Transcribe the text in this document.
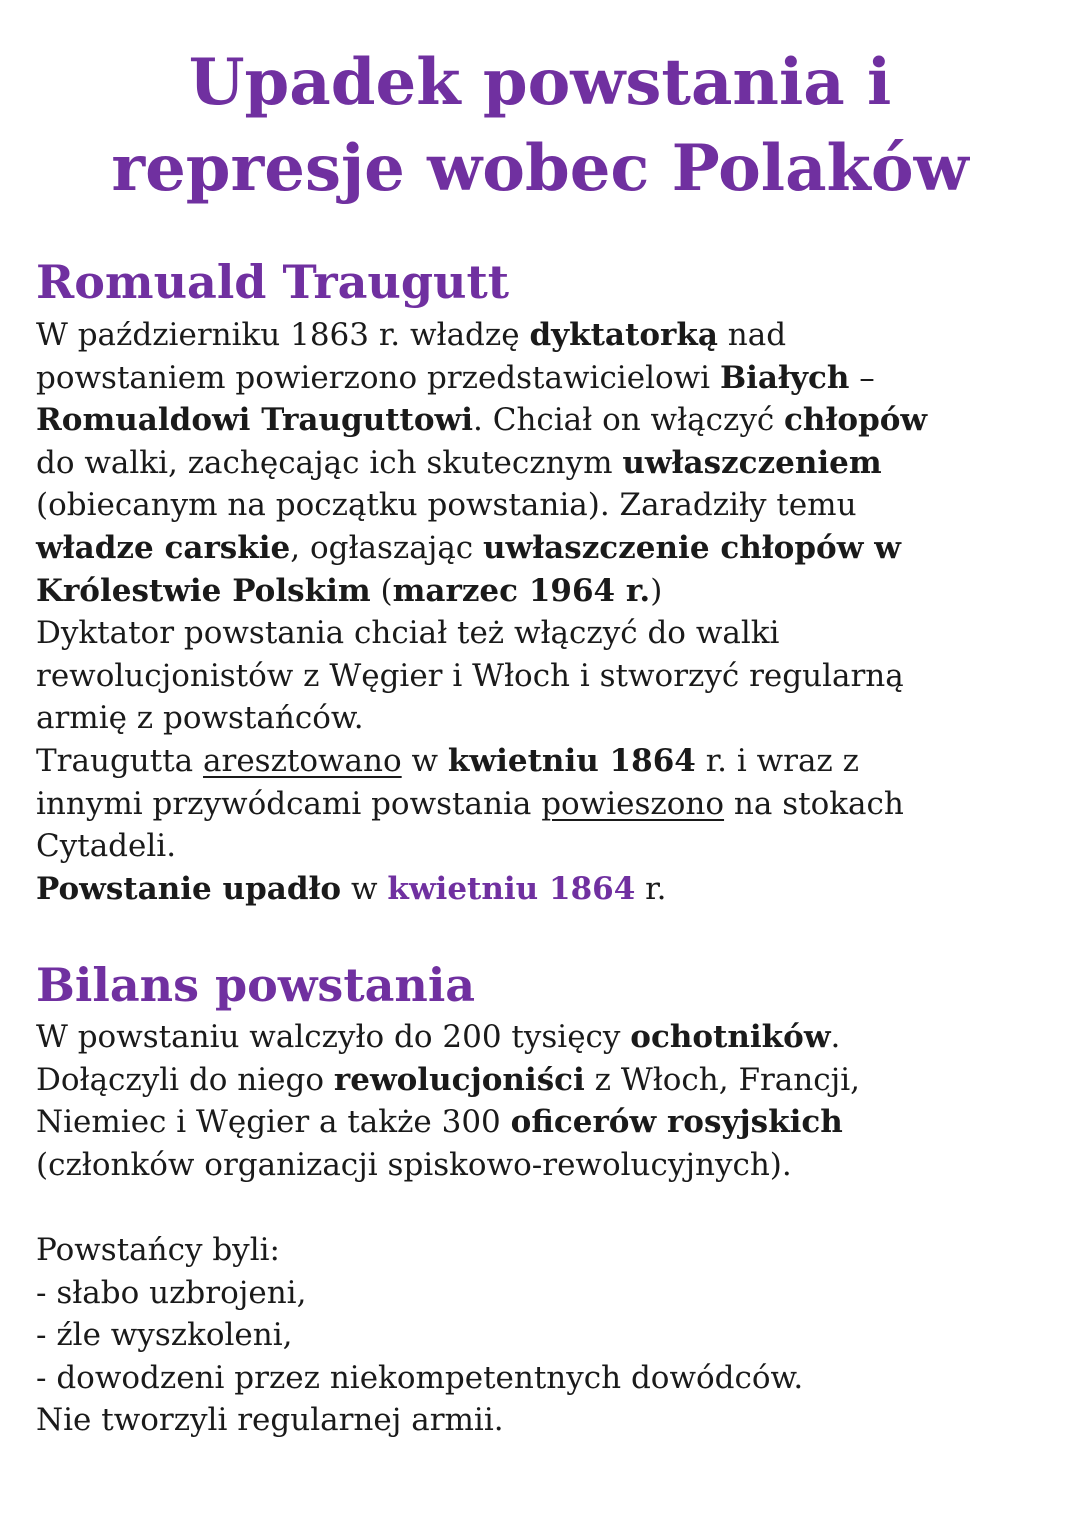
Upadek powstania i
represje wobec Polaków
Romuald Traugutt
W październiku 1863 r. władzę dyktatorką nad
powstaniem powierzono przedstawicielowi Białych –
Romualdowi Trauguttowi. Chciał on włączyć chłopów
do walki, zachęcając ich skutecznym uwłaszczeniem
(obiecanym na początku powstania). Zaradziły temu
władze carskie, ogłaszając uwłaszczenie chłopów w
Królestwie Polskim (marzec 1964 r.)
Dyktator powstania chciał też włączyć do walki
rewolucjonistów z Węgier i Włoch i stworzyć regularną
armię z powstańców.
Traugutta aresztowano w kwietniu 1864 r. i wraz z
innymi przywódcami powstania powieszono na stokach
Cytadeli.
Powstanie upadło w kwietniu 1864 r.
Bilans powstania
W powstaniu walczyło do 200 tysięcy ochotników.
Dołączyli do niego rewolucjoniści z Włoch, Francji,
Niemiec i Węgier a także 300 oficerów rosyjskich
(członków organizacji spiskowo-rewolucyjnych).
Powstańcy byli:
- słabo uzbrojeni,
- źle wyszkoleni,
- dowodzeni przez niekompetentnych dowódców.
Nie tworzyli regularnej armii.
